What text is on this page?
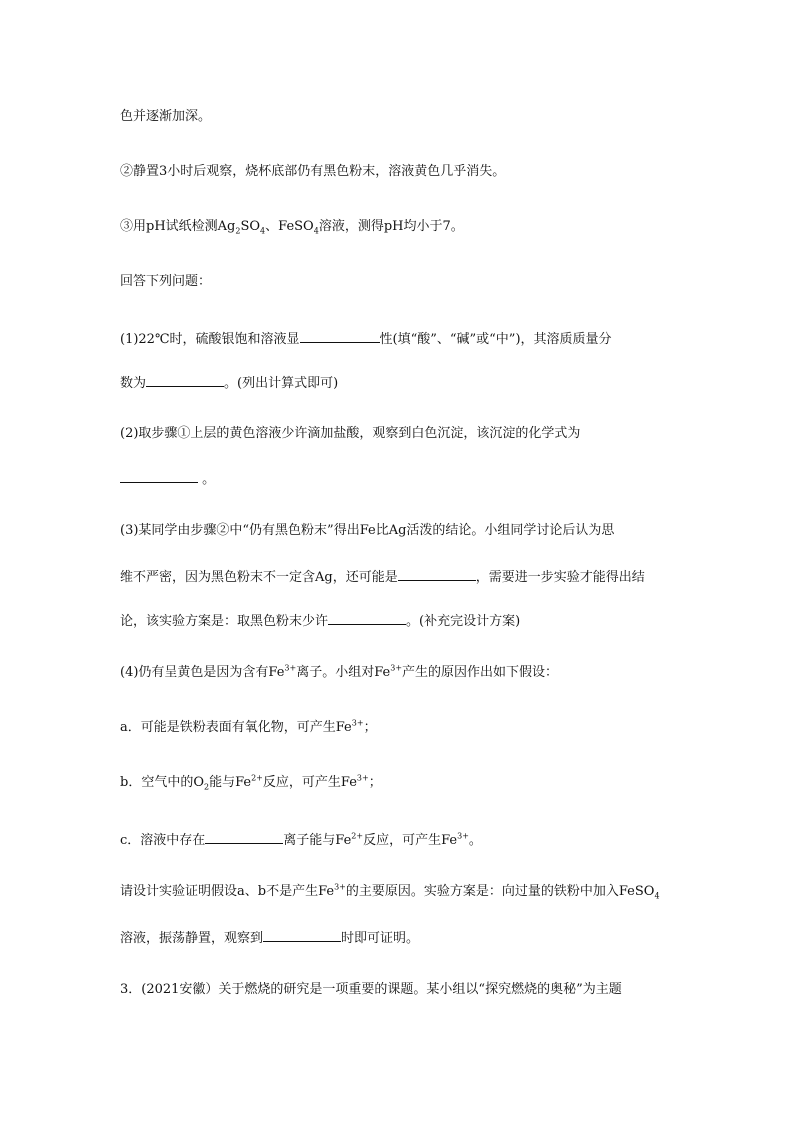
色并逐渐加深。
②静置3小时后观察，烧杯底部仍有黑色粉末，溶液黄色几乎消失。
③用pH试纸检测$Ag_2SO_4$、FeSO$_4$溶液，测得pH均小于7。
回答下列问题：
(1)22℃时，硫酸银饱和溶液显	性(填“酸”、“碱”或“中”)，其溶质质量分
数为	。(列出计算式即可)
(2)取步骤①上层的黄色溶液少许滴加盐酸，观察到白色沉淀，该沉淀的化学式为
。
(3)某同学由步骤②中“仍有黑色粉末”得出Fe比Ag活泼的结论。小组同学讨论后认为思
维不严密，因为黑色粉末不一定含Ag，还可能是	，需要进一步实验才能得出结
论，该实验方案是：取黑色粉末少许	。(补充完设计方案)
(4)仍有呈黄色是因为含有$Fe^{3+}$离子。小组对$Fe^{3+}$产生的原因作出如下假设：
a．可能是铁粉表面有氧化物，可产生$Fe^{3+}$；
b．空气中的$O_2$能与$Fe^{2+}$反应，可产生$Fe^{3+}$；
c．溶液中存在	离子能与$Fe^{2+}$反应，可产生$Fe^{3+}$。
请设计实验证明假设a、b不是产生$Fe^{3+}$的主要原因。实验方案是：向过量的铁粉中加入FeSO$_4$
溶液，振荡静置，观察到	时即可证明。
3．(2021安徽）关于燃烧的研究是一项重要的课题。某小组以“探究燃烧的奥秘”为主题
